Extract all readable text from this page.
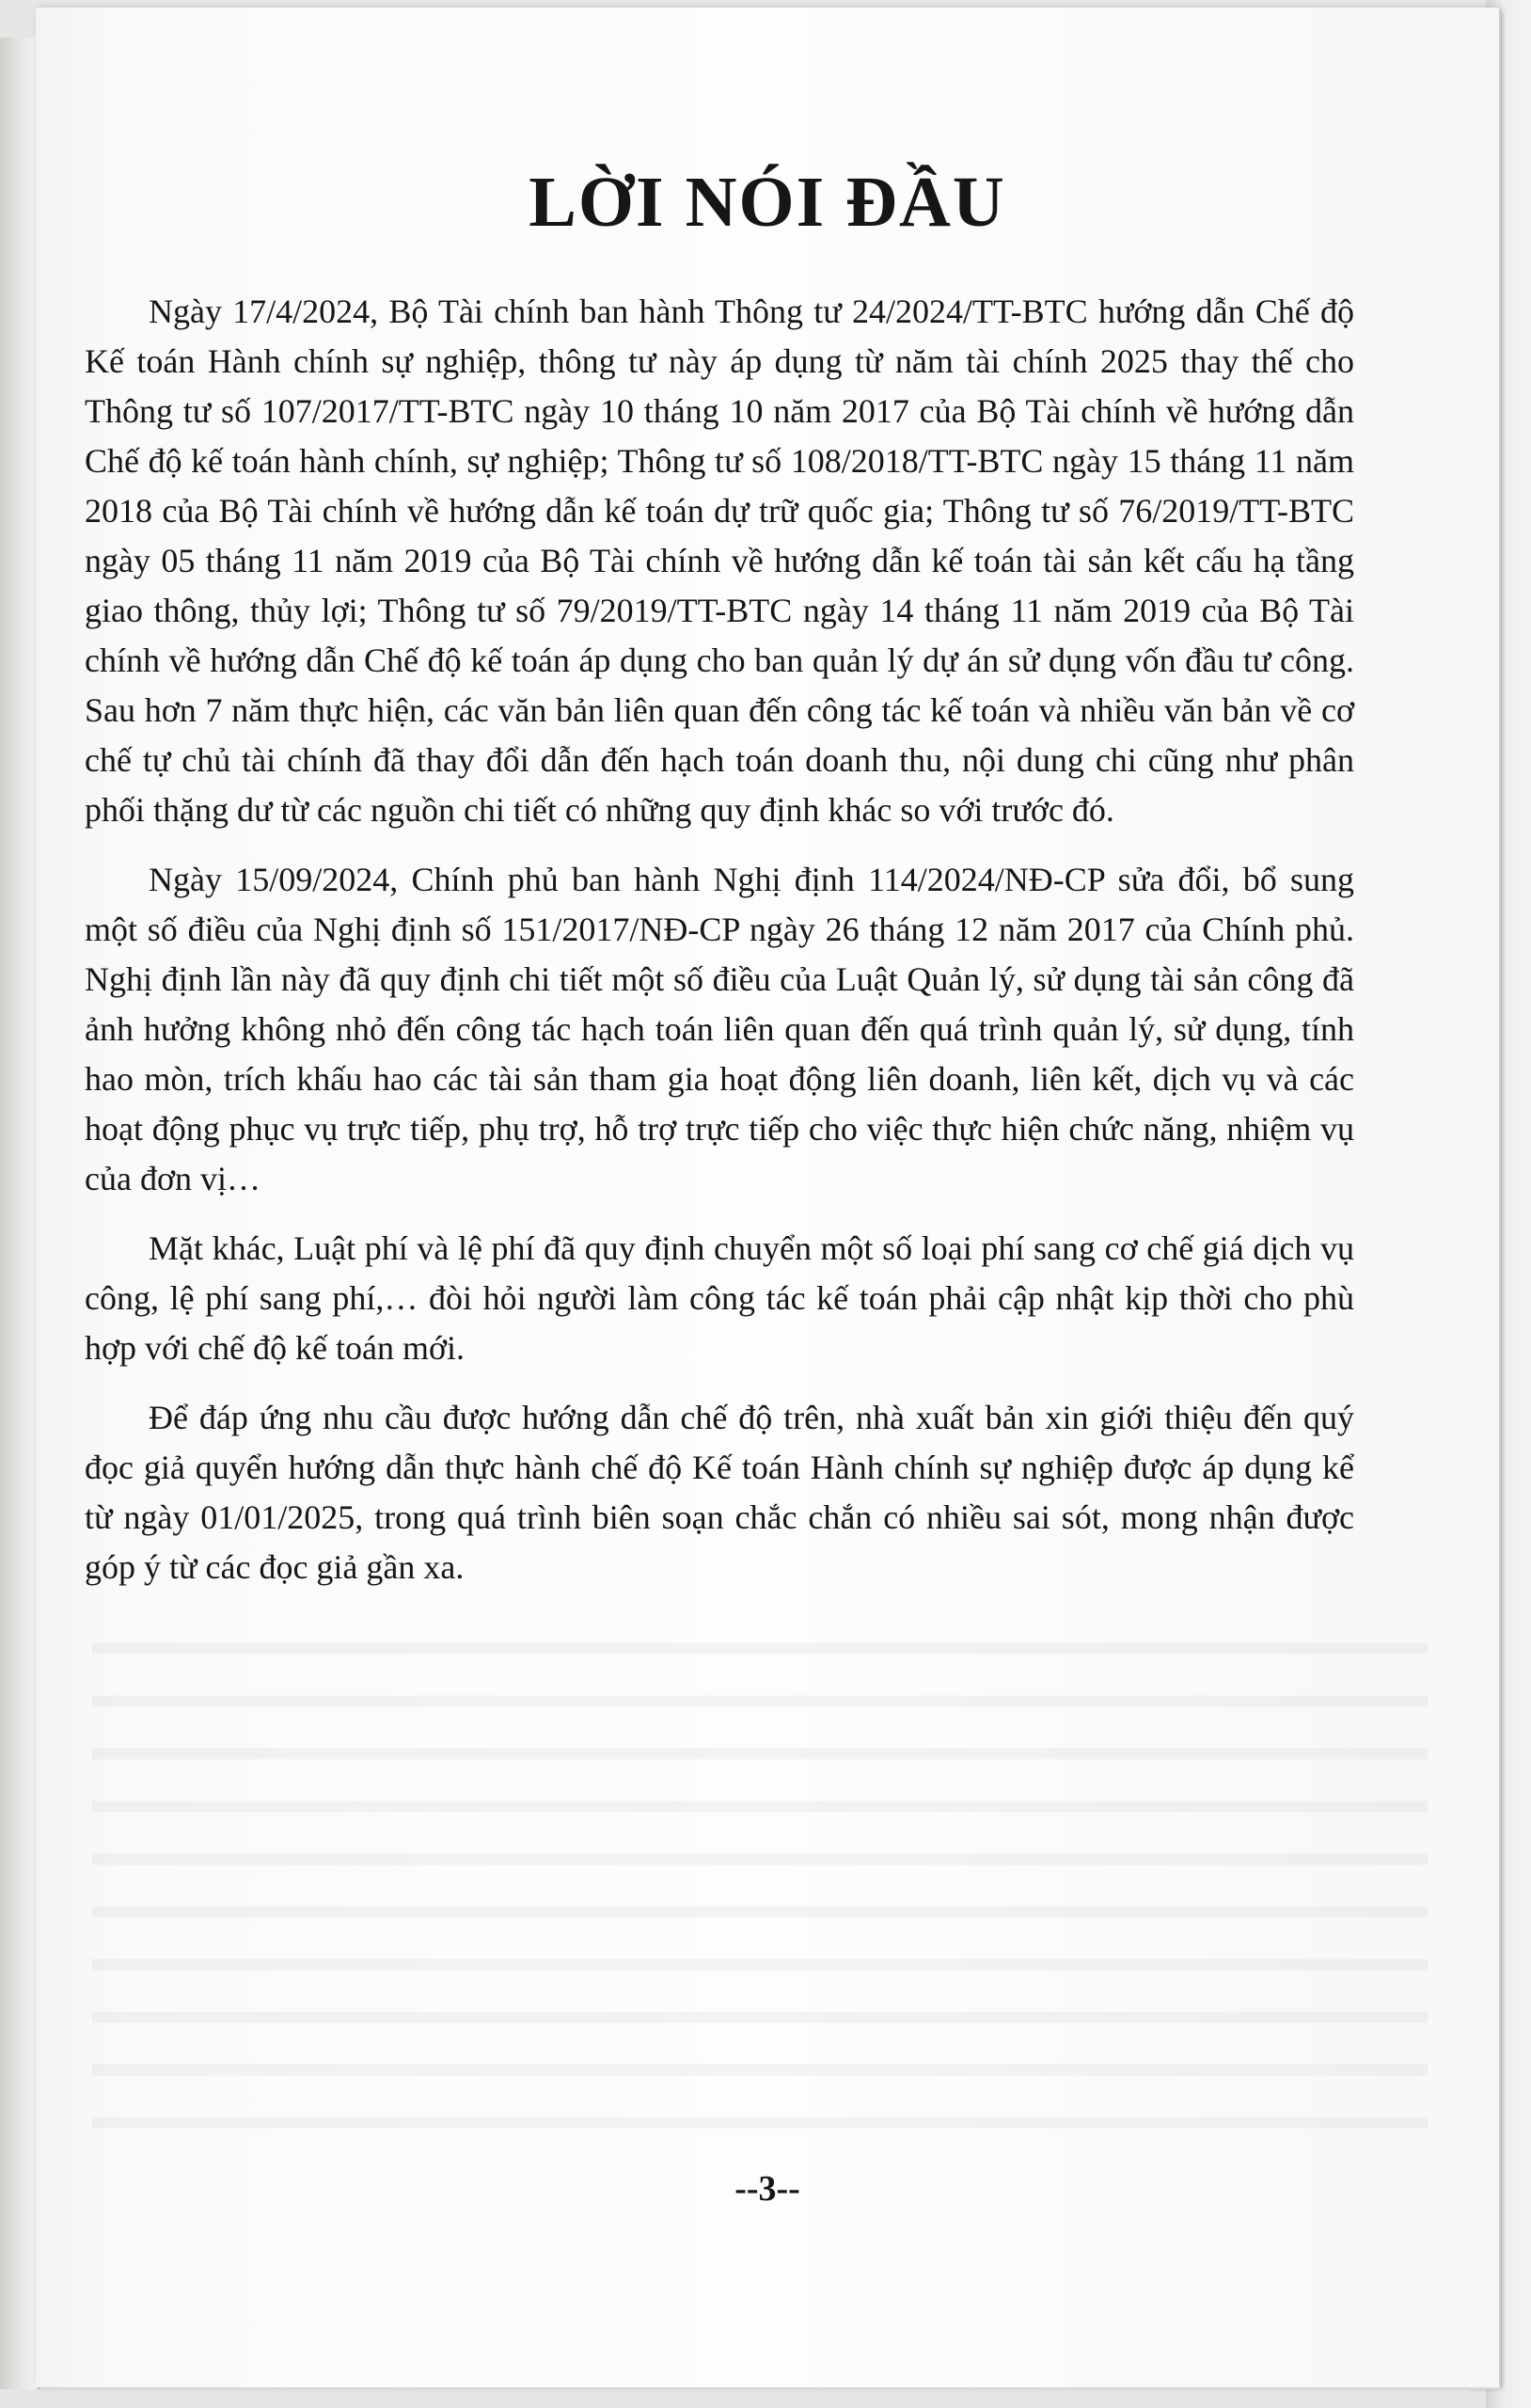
LỜI NÓI ĐẦU

Ngày 17/4/2024, Bộ Tài chính ban hành Thông tư 24/2024/TT-BTC hướng dẫn Chế độ Kế toán Hành chính sự nghiệp, thông tư này áp dụng từ năm tài chính 2025 thay thế cho Thông tư số 107/2017/TT-BTC ngày 10 tháng 10 năm 2017 của Bộ Tài chính về hướng dẫn Chế độ kế toán hành chính, sự nghiệp; Thông tư số 108/2018/TT-BTC ngày 15 tháng 11 năm 2018 của Bộ Tài chính về hướng dẫn kế toán dự trữ quốc gia; Thông tư số 76/2019/TT-BTC ngày 05 tháng 11 năm 2019 của Bộ Tài chính về hướng dẫn kế toán tài sản kết cấu hạ tầng giao thông, thủy lợi; Thông tư số 79/2019/TT-BTC ngày 14 tháng 11 năm 2019 của Bộ Tài chính về hướng dẫn Chế độ kế toán áp dụng cho ban quản lý dự án sử dụng vốn đầu tư công. Sau hơn 7 năm thực hiện, các văn bản liên quan đến công tác kế toán và nhiều văn bản về cơ chế tự chủ tài chính đã thay đổi dẫn đến hạch toán doanh thu, nội dung chi cũng như phân phối thặng dư từ các nguồn chi tiết có những quy định khác so với trước đó.

Ngày 15/09/2024, Chính phủ ban hành Nghị định 114/2024/NĐ-CP sửa đổi, bổ sung một số điều của Nghị định số 151/2017/NĐ-CP ngày 26 tháng 12 năm 2017 của Chính phủ. Nghị định lần này đã quy định chi tiết một số điều của Luật Quản lý, sử dụng tài sản công đã ảnh hưởng không nhỏ đến công tác hạch toán liên quan đến quá trình quản lý, sử dụng, tính hao mòn, trích khấu hao các tài sản tham gia hoạt động liên doanh, liên kết, dịch vụ và các hoạt động phục vụ trực tiếp, phụ trợ, hỗ trợ trực tiếp cho việc thực hiện chức năng, nhiệm vụ của đơn vị…

Mặt khác, Luật phí và lệ phí đã quy định chuyển một số loại phí sang cơ chế giá dịch vụ công, lệ phí sang phí,… đòi hỏi người làm công tác kế toán phải cập nhật kịp thời cho phù hợp với chế độ kế toán mới.

Để đáp ứng nhu cầu được hướng dẫn chế độ trên, nhà xuất bản xin giới thiệu đến quý đọc giả quyển hướng dẫn thực hành chế độ Kế toán Hành chính sự nghiệp được áp dụng kể từ ngày 01/01/2025, trong quá trình biên soạn chắc chắn có nhiều sai sót, mong nhận được góp ý từ các đọc giả gần xa.

--3--
